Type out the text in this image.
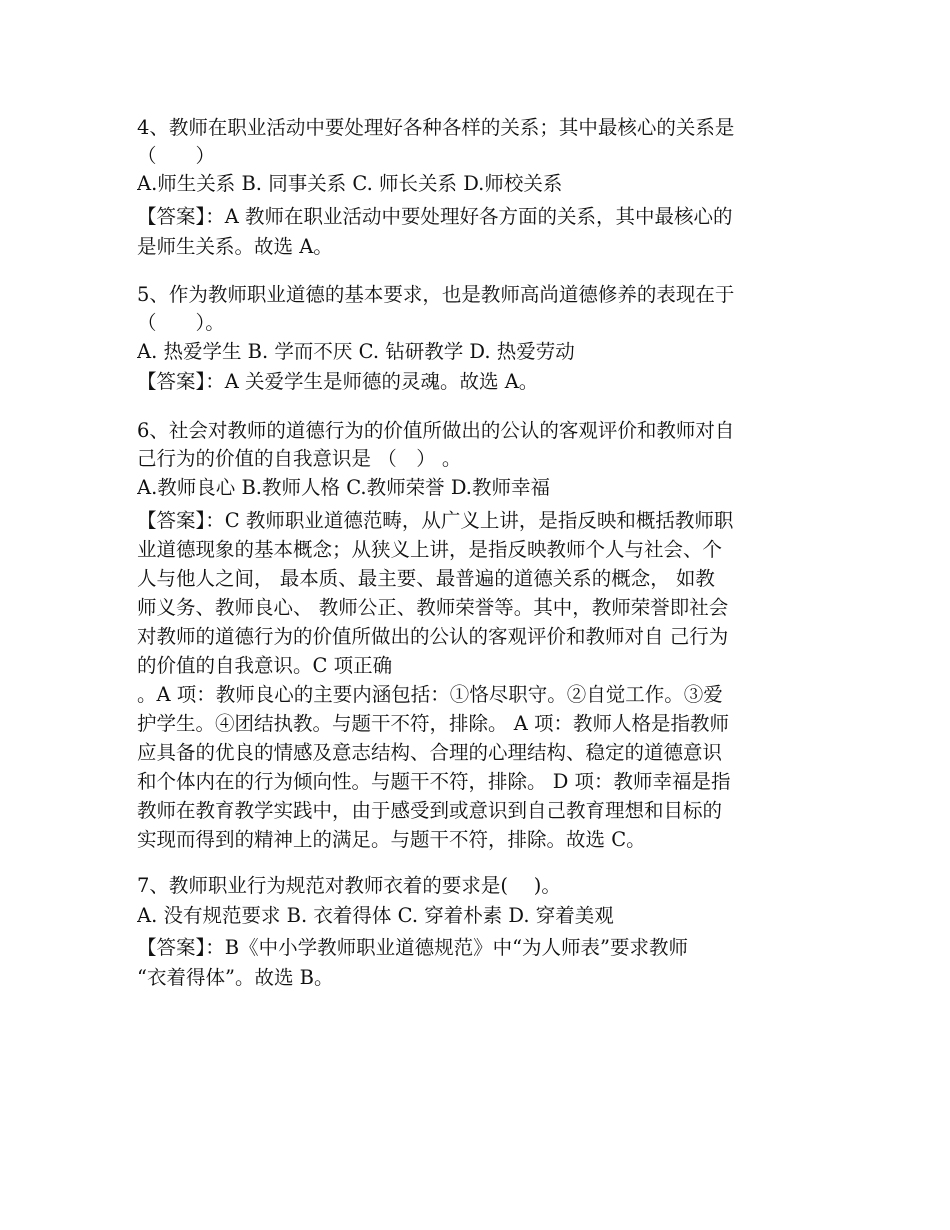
4、教师在职业活动中要处理好各种各样的关系；其中最核心的关系是
（　　）
A.师生关系 B. 同事关系 C. 师长关系 D.师校关系
【答案】：A 教师在职业活动中要处理好各方面的关系，其中最核心的
是师生关系。故选 A。
5、作为教师职业道德的基本要求，也是教师高尚道德修养的表现在于
（　　）。
A. 热爱学生 B. 学而不厌 C. 钻研教学 D. 热爱劳动
【答案】：A 关爱学生是师德的灵魂。故选 A。
6、社会对教师的道德行为的价值所做出的公认的客观评价和教师对自
己行为的价值的自我意识是 （　） 。
A.教师良心 B.教师人格 C.教师荣誉 D.教师幸福
【答案】：C 教师职业道德范畴，从广义上讲，是指反映和概括教师职
业道德现象的基本概念；从狭义上讲，是指反映教师个人与社会、个
人与他人之间， 最本质、最主要、最普遍的道德关系的概念， 如教
师义务、教师良心、 教师公正、教师荣誉等。其中，教师荣誉即社会
对教师的道德行为的价值所做出的公认的客观评价和教师对自 己行为
的价值的自我意识。C 项正确
。A 项：教师良心的主要内涵包括：①恪尽职守。②自觉工作。③爱
护学生。④团结执教。与题干不符，排除。 A 项：教师人格是指教师
应具备的优良的情感及意志结构、合理的心理结构、稳定的道德意识
和个体内在的行为倾向性。与题干不符，排除。 D 项：教师幸福是指
教师在教育教学实践中，由于感受到或意识到自己教育理想和目标的
实现而得到的精神上的满足。与题干不符，排除。故选 C。
7、教师职业行为规范对教师衣着的要求是(　 )。
A. 没有规范要求 B. 衣着得体 C. 穿着朴素 D. 穿着美观
【答案】：B《中小学教师职业道德规范》中“为人师表”要求教师
“衣着得体”。故选 B。
